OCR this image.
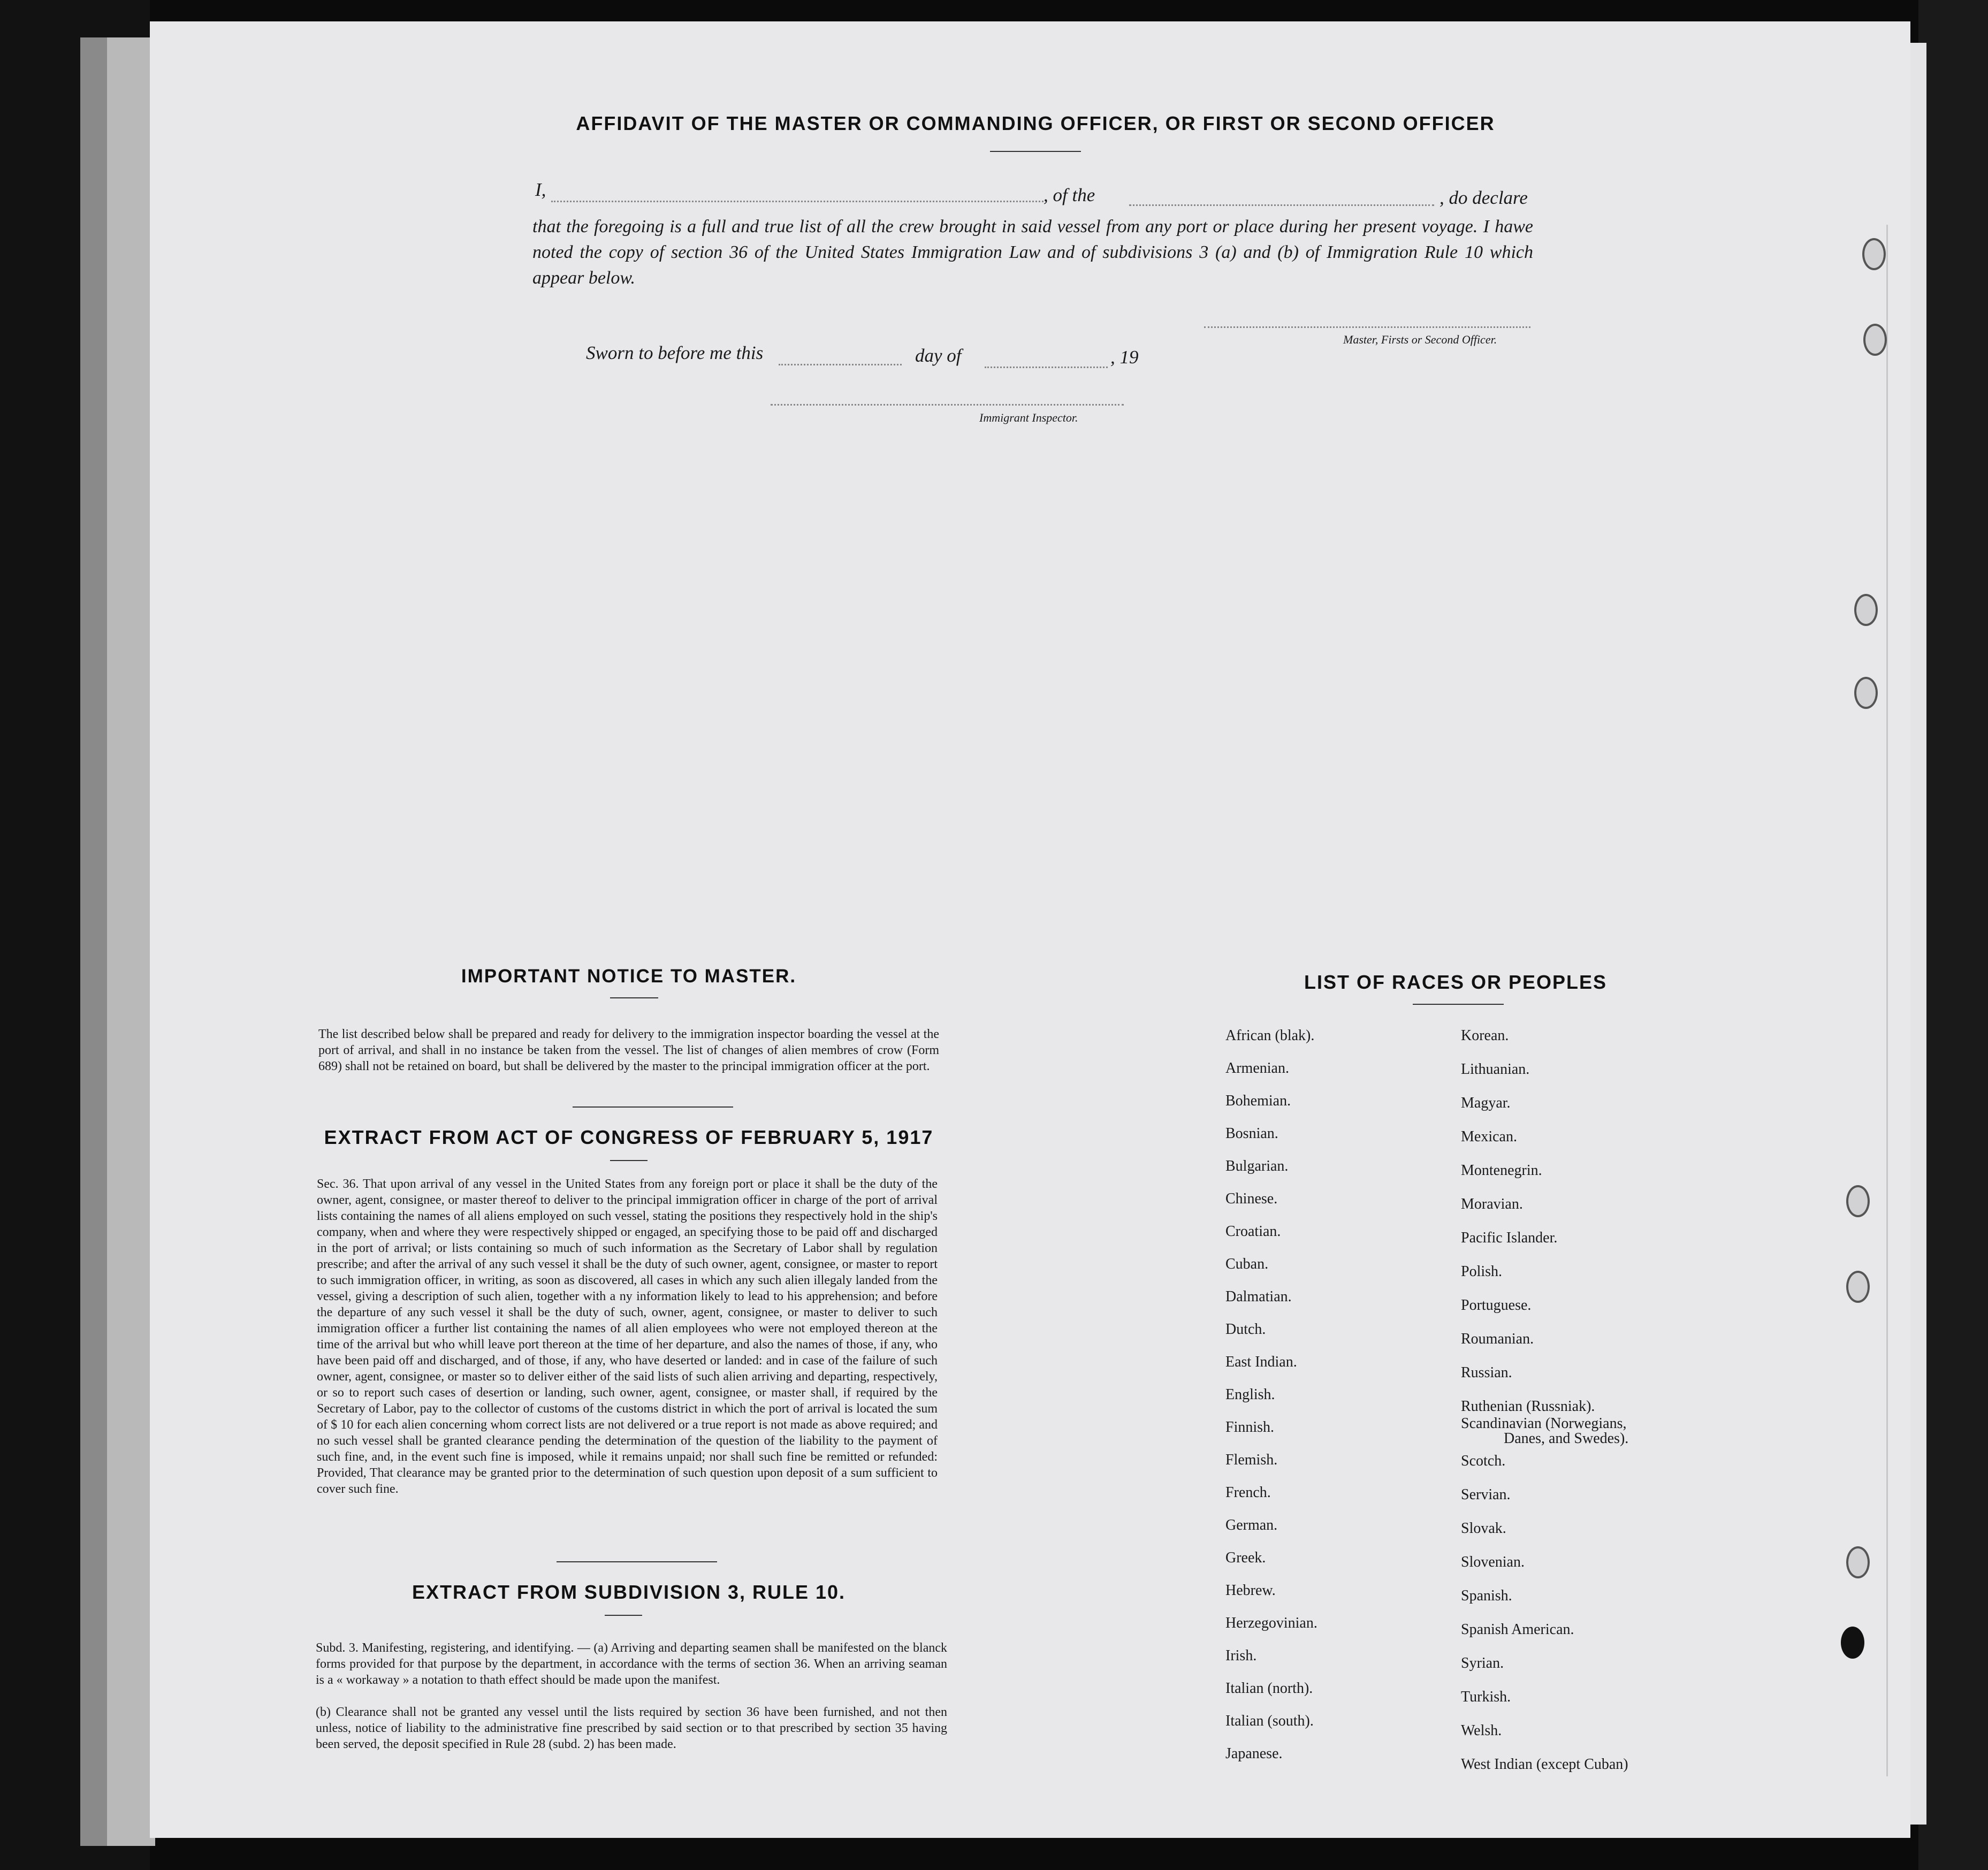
AFFIDAVIT OF THE MASTER OR COMMANDING OFFICER, OR FIRST OR SECOND OFFICER
I,	, of the	, do declare
that the foregoing is a full and true list of all the crew brought in said vessel from any port or place during her present voyage. I hawe noted the copy of section 36 of the United States Immigration Law and of subdivisions 3 (a) and (b) of Immigration Rule 10 which appear below.
Sworn to before me this	day of	, 19
Master, Firsts or Second Officer.
Immigrant Inspector.
IMPORTANT NOTICE TO MASTER.
The list described below shall be prepared and ready for delivery to the immigration inspector boarding the vessel at the port of arrival, and shall in no instance be taken from the vessel. The list of changes of alien membres of crow (Form 689) shall not be retained on board, but shall be delivered by the master to the principal immigration officer at the port.
EXTRACT FROM ACT OF CONGRESS OF FEBRUARY 5, 1917
Sec. 36. That upon arrival of any vessel in the United States from any foreign port or place it shall be the duty of the owner, agent, consignee, or master thereof to deliver to the principal immigration officer in charge of the port of arrival lists containing the names of all aliens employed on such vessel, stating the positions they respectively hold in the ship's company, when and where they were respectively shipped or engaged, an specifying those to be paid off and discharged in the port of arrival; or lists containing so much of such information as the Secretary of Labor shall by regulation prescribe; and after the arrival of any such vessel it shall be the duty of such owner, agent, consignee, or master to report to such immigration officer, in writing, as soon as discovered, all cases in which any such alien illegaly landed from the vessel, giving a description of such alien, together with a ny information likely to lead to his apprehension; and before the departure of any such vessel it shall be the duty of such, owner, agent, consignee, or master to deliver to such immigration officer a further list containing the names of all alien employees who were not employed thereon at the time of the arrival but who whill leave port thereon at the time of her departure, and also the names of those, if any, who have been paid off and discharged, and of those, if any, who have deserted or landed: and in case of the failure of such owner, agent, consignee, or master so to deliver either of the said lists of such alien arriving and departing, respectively, or so to report such cases of desertion or landing, such owner, agent, consignee, or master shall, if required by the Secretary of Labor, pay to the collector of customs of the customs district in which the port of arrival is located the sum of $ 10 for each alien concerning whom correct lists are not delivered or a true report is not made as above required; and no such vessel shall be granted clearance pending the determination of the question of the liability to the payment of such fine, and, in the event such fine is imposed, while it remains unpaid; nor shall such fine be remitted or refunded: Provided, That clearance may be granted prior to the determination of such question upon deposit of a sum sufficient to cover such fine.
EXTRACT FROM SUBDIVISION 3, RULE 10.
Subd. 3. Manifesting, registering, and identifying. — (a) Arriving and departing seamen shall be manifested on the blanck forms provided for that purpose by the department, in accordance with the terms of section 36. When an arriving seaman is a « workaway » a notation to thath effect should be made upon the manifest.
(b) Clearance shall not be granted any vessel until the lists required by section 36 have been furnished, and not then unless, notice of liability to the administrative fine prescribed by said section or to that prescribed by section 35 having been served, the deposit specified in Rule 28 (subd. 2) has been made.
LIST OF RACES OR PEOPLES
African (blak).
Armenian.
Bohemian.
Bosnian.
Bulgarian.
Chinese.
Croatian.
Cuban.
Dalmatian.
Dutch.
East Indian.
English.
Finnish.
Flemish.
French.
German.
Greek.
Hebrew.
Herzegovinian.
Irish.
Italian (north).
Italian (south).
Japanese.
Korean.
Lithuanian.
Magyar.
Mexican.
Montenegrin.
Moravian.
Pacific Islander.
Polish.
Portuguese.
Roumanian.
Russian.
Ruthenian (Russniak).
Scandinavian (Norwegians,
Danes, and Swedes).
Scotch.
Servian.
Slovak.
Slovenian.
Spanish.
Spanish American.
Syrian.
Turkish.
Welsh.
West Indian (except Cuban)
